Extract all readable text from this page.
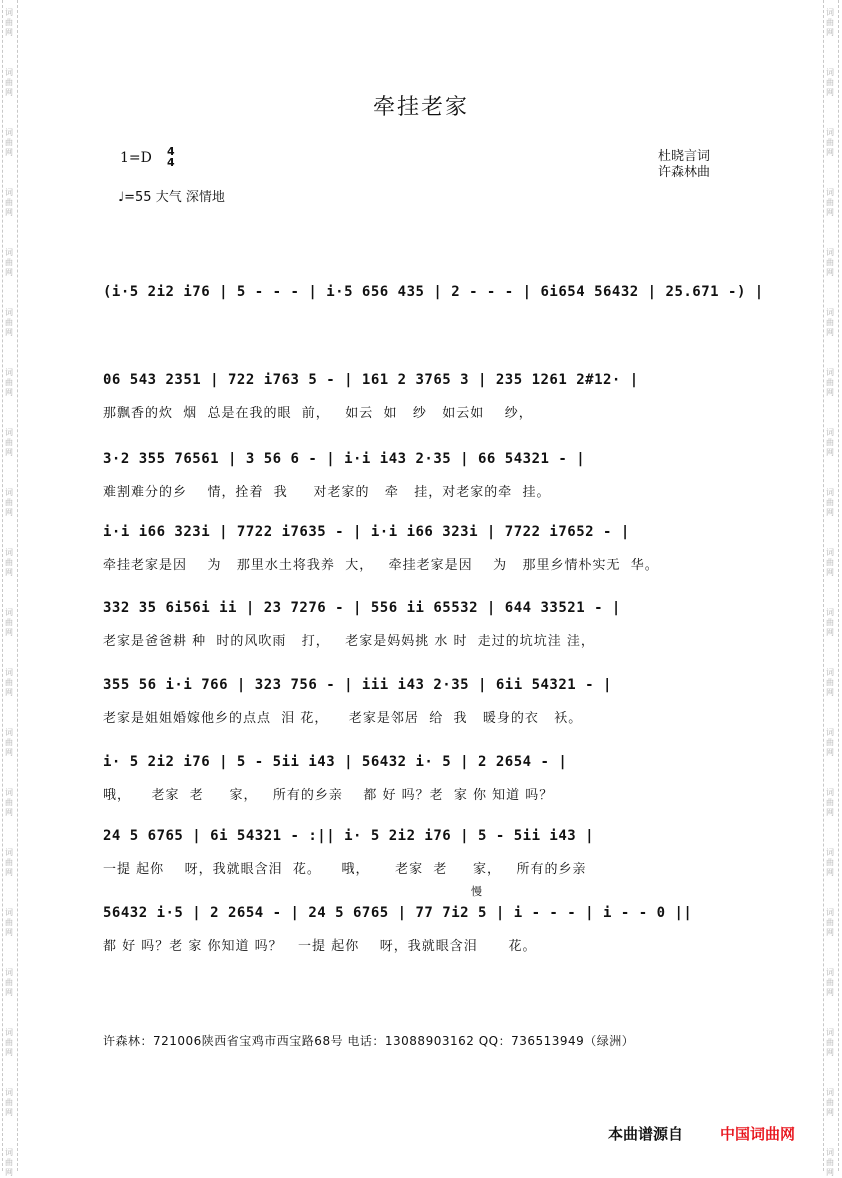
牵挂老家
1=D 4
4
♩=55 大气 深情地
杜晓言词
许森林曲
(i·5 2i2 i76 | 5 - - - | i·5 656 435 | 2 - - - | 6i654 56432 | 25.671 -) |
06 543 2351 | 722 i763 5 - | 161 2 3765 3 | 235 1261 2#12· |
那飘香的炊  烟  总是在我的眼  前，   如云  如   纱   如云如    纱，
3·2 355 76561 | 3 56 6 - | i·i i43 2·35 | 66 54321 - |
难割难分的乡    情，拴着  我     对老家的   牵   挂，对老家的牵  挂。
i·i i66 323i | 7722 i7635 - | i·i i66 323i | 7722 i7652 - |
牵挂老家是因    为   那里水土将我养  大，   牵挂老家是因    为   那里乡情朴实无  华。
332 35 6i56i ii | 23 7276 - | 556 ii 65532 | 644 33521 - |
老家是爸爸耕 种  时的风吹雨   打，   老家是妈妈挑 水 时  走过的坑坑洼 洼，
355 56 i·i 766 | 323 756 - | iii i43 2·35 | 6ii 54321 - |
老家是姐姐婚嫁他乡的点点  泪 花，    老家是邻居  给  我   暖身的衣   袄。
i· 5 2i2 i76 | 5 - 5ii i43 | 56432 i· 5 | 2 2654 - |
哦，    老家  老     家，   所有的乡亲    都 好 吗？老  家 你 知道 吗？
24 5 6765 | 6i 54321 - :|| i· 5 2i2 i76 | 5 - 5ii i43 |
一提 起你    呀，我就眼含泪  花。    哦，     老家  老     家，   所有的乡亲
56432 i·5 | 2 2654 - | 24 5 6765 | 77 7i2 5 | i - - - | i - - 0 ||
都 好 吗？老 家 你知道 吗？   一提 起你    呀，我就眼含泪      花。
慢
许森林：721006陕西省宝鸡市西宝路68号 电话：13088903162 QQ：736513949（绿洲）
本曲谱源自 中国词曲网
词
曲
网
词
曲
网
词
曲
网
词
曲
网
词
曲
网
词
曲
网
词
曲
网
词
曲
网
词
曲
网
词
曲
网
词
曲
网
词
曲
网
词
曲
网
词
曲
网
词
曲
网
词
曲
网
词
曲
网
词
曲
网
词
曲
网
词
曲
网
词
曲
网
词
曲
网
词
曲
网
词
曲
网
词
曲
网
词
曲
网
词
曲
网
词
曲
网
词
曲
网
词
曲
网
词
曲
网
词
曲
网
词
曲
网
词
曲
网
词
曲
网
词
曲
网
词
曲
网
词
曲
网
词
曲
网
词
曲
网
